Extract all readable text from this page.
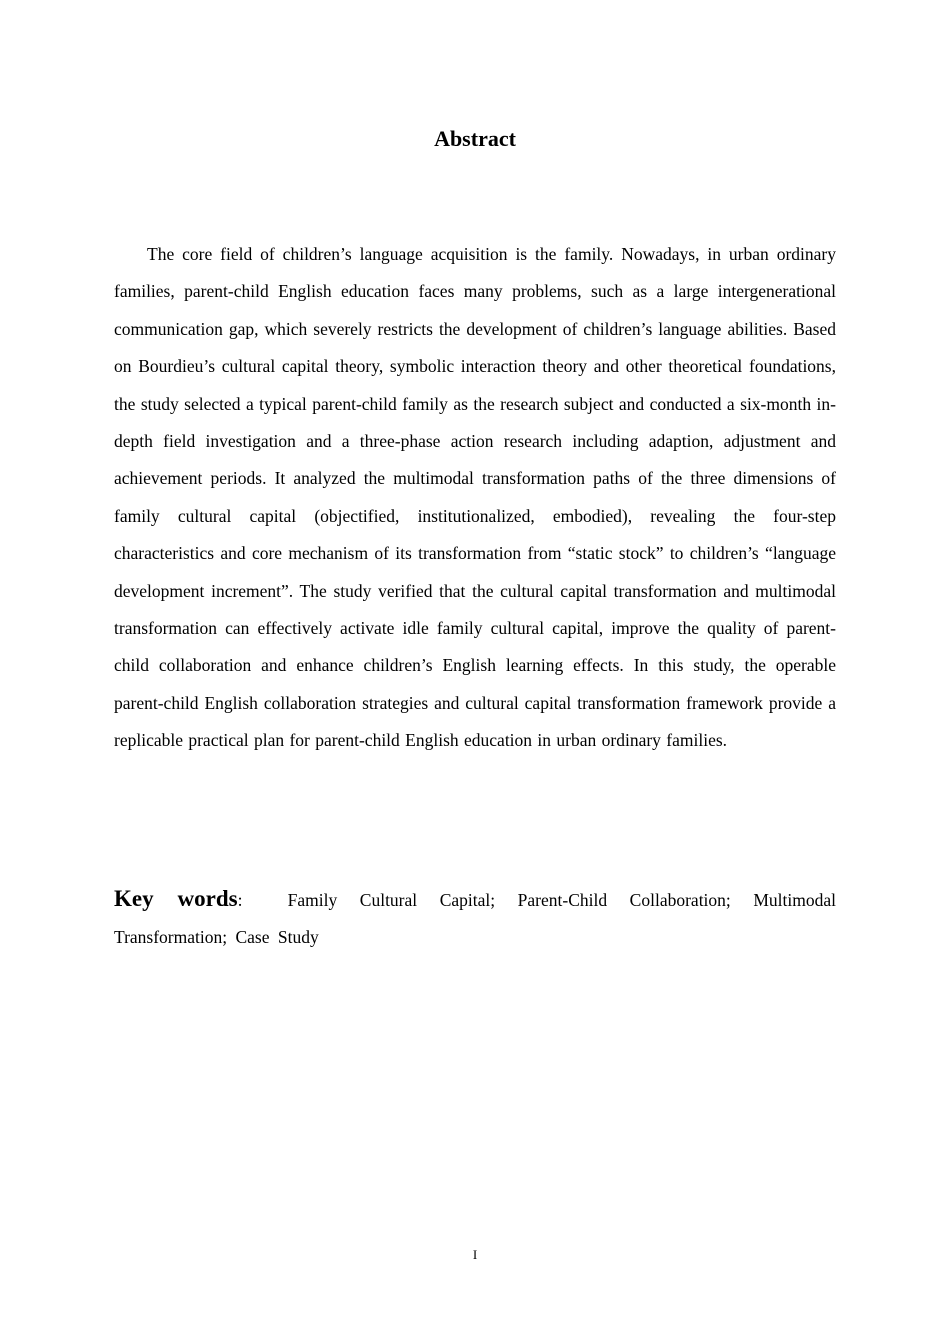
Abstract

The core field of children’s language acquisition is the family. Nowadays, in urban ordinary families, parent-child English education faces many problems, such as a large intergenerational communication gap, which severely restricts the development of children’s language abilities. Based on Bourdieu’s cultural capital theory, symbolic interaction theory and other theoretical foundations, the study selected a typical parent-child family as the research subject and conducted a six-month in-depth field investigation and a three-phase action research including adaption, adjustment and achievement periods. It analyzed the multimodal transformation paths of the three dimensions of family cultural capital (objectified, institutionalized, embodied), revealing the four-step characteristics and core mechanism of its transformation from “static stock” to children’s “language development increment”. The study verified that the cultural capital transformation and multimodal transformation can effectively activate idle family cultural capital, improve the quality of parent-child collaboration and enhance children’s English learning effects. In this study, the operable parent-child English collaboration strategies and cultural capital transformation framework provide a replicable practical plan for parent-child English education in urban ordinary families.

Key words:	Family Cultural Capital; Parent-Child Collaboration; Multimodal Transformation; Case Study

I
